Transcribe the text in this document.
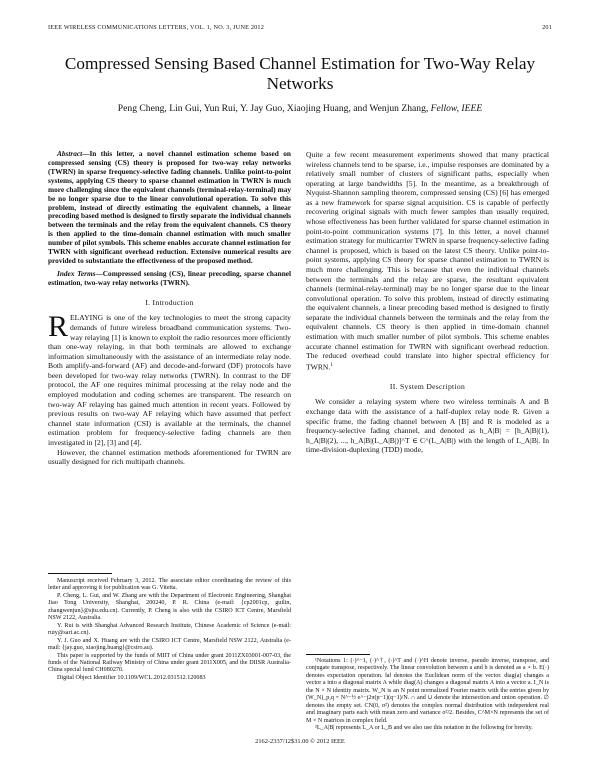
IEEE WIRELESS COMMUNICATIONS LETTERS, VOL. 1, NO. 3, JUNE 2012	201
Compressed Sensing Based Channel Estimation for Two-Way Relay Networks
Peng Cheng, Lin Gui, Yun Rui, Y. Jay Guo, Xiaojing Huang, and Wenjun Zhang, Fellow, IEEE

Abstract—In this letter, a novel channel estimation scheme based on compressed sensing (CS) theory is proposed for two-way relay networks (TWRN) in sparse frequency-selective fading channels. Unlike point-to-point systems, applying CS theory to sparse channel estimation in TWRN is much more challenging since the equivalent channels (terminal-relay-terminal) may be no longer sparse due to the linear convolutional operation. To solve this problem, instead of directly estimating the equivalent channels, a linear precoding based method is designed to firstly separate the individual channels between the terminals and the relay from the equivalent channels. CS theory is then applied to the time-domain channel estimation with much smaller number of pilot symbols. This scheme enables accurate channel estimation for TWRN with significant overhead reduction. Extensive numerical results are provided to substantiate the effectiveness of the proposed method.

Index Terms—Compressed sensing (CS), linear precoding, sparse channel estimation, two-way relay networks (TWRN).

I. Introduction

RELAYING is one of the key technologies to meet the strong capacity demands of future wireless broadband communication systems. Two-way relaying [1] is known to exploit the radio resources more efficiently than one-way relaying, in that both terminals are allowed to exchange information simultaneously with the assistance of an intermediate relay node. Both amplify-and-forward (AF) and decode-and-forward (DF) protocols have been developed for two-way relay networks (TWRN). In contrast to the DF protocol, the AF one requires minimal processing at the relay node and the employed modulation and coding schemes are transparent. The research on two-way AF relaying has gained much attention in recent years. Followed by previous results on two-way AF relaying which have assumed that perfect channel state information (CSI) is available at the terminals, the channel estimation problem for frequency-selective fading channels are then investigated in [2], [3] and [4].

However, the channel estimation methods aforementioned for TWRN are usually designed for rich multipath channels.

Manuscript received February 3, 2012. The associate editor coordinating the review of this letter and approving it for publication was G. Vitetta.

P. Cheng, L. Gui, and W. Zhang are with the Department of Electronic Engineering, Shanghai Jiao Tong University, Shanghai, 200240, P. R. China (e-mail: {cp2001cp, guilin, zhangwenjun}@sjtu.edu.cn). Currently, P. Cheng is also with the CSIRO ICT Centre, Marsfield NSW 2122, Australia.

Y. Rui is with Shanghai Advanced Research Institute, Chinese Academic of Science (e-mail: ruiy@sari.ac.cn).

Y. J. Guo and X. Huang are with the CSIRO ICT Centre, Marsfield NSW 2122, Australia (e-mail: {jay.guo, xiaojing.huang}@csiro.au).

This paper is supported by the funds of MIIT of China under grant 2011ZX03001-007-03, the funds of the National Railway Ministry of China under grant 2011X005, and the DIISR Australia-China special fund CH080270.

Digital Object Identifier 10.1109/WCL.2012.031512.120083

Quite a few recent measurement experiments showed that many practical wireless channels tend to be sparse, i.e., impulse responses are dominated by a relatively small number of clusters of significant paths, especially when operating at large bandwidths [5]. In the meantime, as a breakthrough of Nyquist-Shannon sampling theorem, compressed sensing (CS) [6] has emerged as a new framework for sparse signal acquisition. CS is capable of perfectly recovering original signals with much fewer samples than usually required, whose effectiveness has been further validated for sparse channel estimation in point-to-point communication systems [7]. In this letter, a novel channel estimation strategy for multicarrier TWRN in sparse frequency-selective fading channel is proposed, which is based on the latest CS theory. Unlike point-to-point systems, applying CS theory for sparse channel estimation to TWRN is much more challenging. This is because that even the individual channels between the terminals and the relay are sparse, the resultant equivalent channels (terminal-relay-terminal) may be no longer sparse due to the linear convolutional operation. To solve this problem, instead of directly estimating the equivalent channels, a linear precoding based method is designed to firstly separate the individual channels between the terminals and the relay from the equivalent channels. CS theory is then applied in time-domain channel estimation with much smaller number of pilot symbols. This scheme enables accurate channel estimation for TWRN with significant overhead reduction. The reduced overhead could translate into higher spectral efficiency for TWRN.$^1$

II. System Description

We consider a relaying system where two wireless terminals A and B exchange data with the assistance of a half-duplex relay node R. Given a specific frame, the fading channel between A [B] and R is modeled as a frequency-selective fading channel, and denoted as h_A|B| = [h_A|B|(1), h_A|B|(2), ..., h_A|B|(L_A|B|)]^T ∈ C^(L_A|B|) with the length of L_A|B|. In time-division-duplexing (TDD) mode,

¹Notations 1: (·)^−1, (·)^†, (·)^T and (·)^H denote inverse, pseudo inverse, transpose, and conjugate transpose, respectively. The linear convolution between a and b is denoted as a ⋆ b. E(·) denotes expectation operation. ‖a‖ denotes the Euclidean norm of the vector. diag(a) changes a vector a into a diagonal matrix A while diag(A) changes a diagonal matrix A into a vector a. I_N is the N × N identity matrix. W_N is an N point normalized Fourier matrix with the entries given by (W_N)_p,q = N^−½ e^−j2π(p−1)(q−1)/N. ∩ and ∪ denote the intersection and union operation. ∅ denotes the empty set. CN(0, σ²) denotes the complex normal distribution with independent real and imaginary parts each with mean zero and variance σ²/2. Besides, C^M×N represents the set of M × N matrices in complex field.

²L_A|B| represents L_A or L_B and we also use this notation in the following for brevity.

2162-2337/12$31.00 © 2012 IEEE
